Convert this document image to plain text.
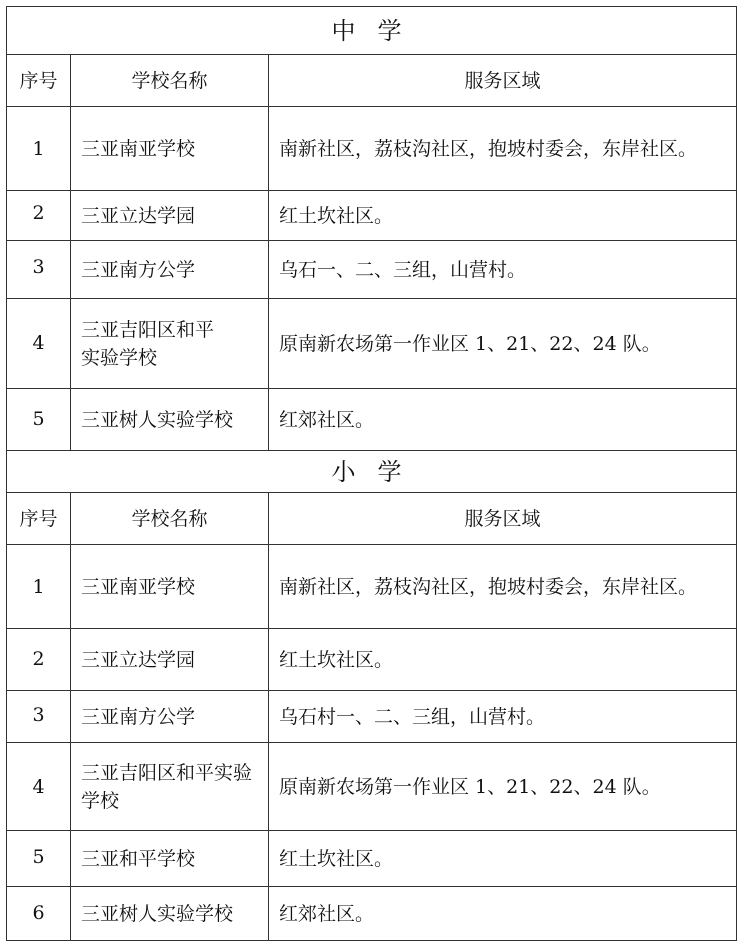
中学		
序号	学校名称	服务区域
1	三亚南亚学校	南新社区，荔枝沟社区，抱坡村委会，东岸社区。
2	三亚立达学园	红土坎社区。
3	三亚南方公学	乌石一、二、三组，山营村。
4	三亚吉阳区和平实验学校	原南新农场第一作业区 1、21、22、24 队。
5	三亚树人实验学校	红郊社区。
小学		
序号	学校名称	服务区域
1	三亚南亚学校	南新社区，荔枝沟社区，抱坡村委会，东岸社区。
2	三亚立达学园	红土坎社区。
3	三亚南方公学	乌石村一、二、三组，山营村。
4	三亚吉阳区和平实验学校	原南新农场第一作业区 1、21、22、24 队。
5	三亚和平学校	红土坎社区。
6	三亚树人实验学校	红郊社区。
